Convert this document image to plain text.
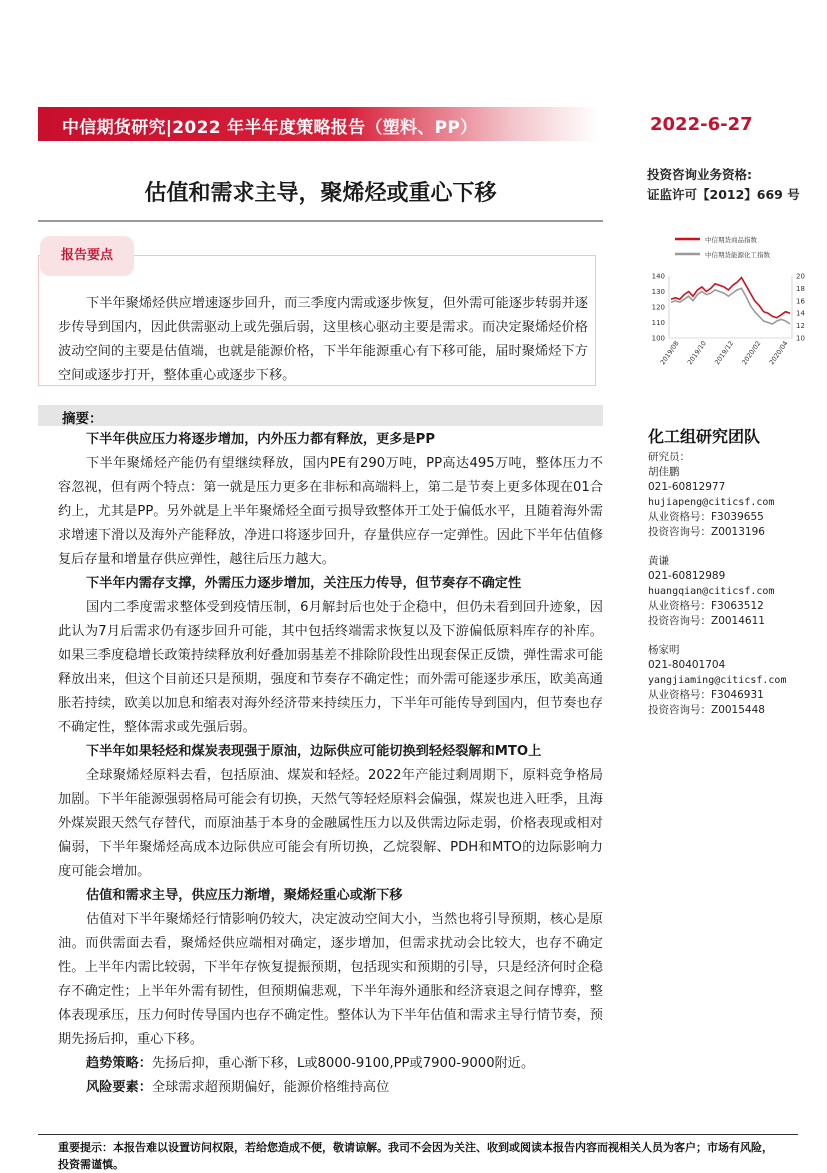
中信期货研究|2022 年半年度策略报告（塑料、PP）	2022-6-27
投资咨询业务资格:
证监许可【2012】669 号
估值和需求主导，聚烯烃或重心下移
报告要点
下半年聚烯烃供应增速逐步回升，而三季度内需或逐步恢复，但外需可能逐步转弱并逐步传导到国内，因此供需驱动上或先强后弱，这里核心驱动主要是需求。而决定聚烯烃价格波动空间的主要是估值端，也就是能源价格，下半年能源重心有下移可能，届时聚烯烃下方空间或逐步打开，整体重心或逐步下移。
中信期货商品指数
中信期货能源化工指数
100
110
120
130
140
10
12
14
16
18
20
2019/08 2019/10 2019/12 2020/02 2020/04
摘要：

下半年供应压力将逐步增加，内外压力都有释放，更多是PP

下半年聚烯烃产能仍有望继续释放，国内PE有290万吨，PP高达495万吨，整体压力不容忽视，但有两个特点：第一就是压力更多在非标和高端料上，第二是节奏上更多体现在01合约上，尤其是PP。另外就是上半年聚烯烃全面亏损导致整体开工处于偏低水平，且随着海外需求增速下滑以及海外产能释放，净进口将逐步回升，存量供应存一定弹性。因此下半年估值修复后存量和增量存供应弹性，越往后压力越大。

下半年内需存支撑，外需压力逐步增加，关注压力传导，但节奏存不确定性

国内二季度需求整体受到疫情压制，6月解封后也处于企稳中，但仍未看到回升迹象，因此认为7月后需求仍有逐步回升可能，其中包括终端需求恢复以及下游偏低原料库存的补库。如果三季度稳增长政策持续释放利好叠加弱基差不排除阶段性出现套保正反馈，弹性需求可能释放出来，但这个目前还只是预期，强度和节奏存不确定性；而外需可能逐步承压，欧美高通胀若持续，欧美以加息和缩表对海外经济带来持续压力，下半年可能传导到国内，但节奏也存不确定性，整体需求或先强后弱。

下半年如果轻烃和煤炭表现强于原油，边际供应可能切换到轻烃裂解和MTO上

全球聚烯烃原料去看，包括原油、煤炭和轻烃。2022年产能过剩周期下，原料竞争格局加剧。下半年能源强弱格局可能会有切换，天然气等轻烃原料会偏强，煤炭也进入旺季，且海外煤炭跟天然气存替代，而原油基于本身的金融属性压力以及供需边际走弱，价格表现或相对偏弱，下半年聚烯烃高成本边际供应可能会有所切换，乙烷裂解、PDH和MTO的边际影响力度可能会增加。

估值和需求主导，供应压力渐增，聚烯烃重心或渐下移

估值对下半年聚烯烃行情影响仍较大，决定波动空间大小，当然也将引导预期，核心是原油。而供需面去看，聚烯烃供应端相对确定，逐步增加，但需求扰动会比较大，也存不确定性。上半年内需比较弱，下半年存恢复提振预期，包括现实和预期的引导，只是经济何时企稳存不确定性；上半年外需有韧性，但预期偏悲观，下半年海外通胀和经济衰退之间存博弈，整体表现承压，压力何时传导国内也存不确定性。整体认为下半年估值和需求主导行情节奏，预期先扬后抑，重心下移。

趋势策略：先扬后抑，重心渐下移，L或8000-9100,PP或7900-9000附近。

风险要素：全球需求超预期偏好，能源价格维持高位

化工组研究团队
研究员：
胡佳鹏
021-60812977
hujiapeng@citicsf.com
从业资格号：F3039655
投资咨询号：Z0013196
黄谦
021-60812989
huangqian@citicsf.com
从业资格号：F3063512
投资咨询号：Z0014611
杨家明
021-80401704
yangjiaming@citicsf.com
从业资格号：F3046931
投资咨询号：Z0015448
重要提示：本报告难以设置访问权限，若给您造成不便，敬请谅解。我司不会因为关注、收到或阅读本报告内容而视相关人员为客户；市场有风险，投资需谨慎。
